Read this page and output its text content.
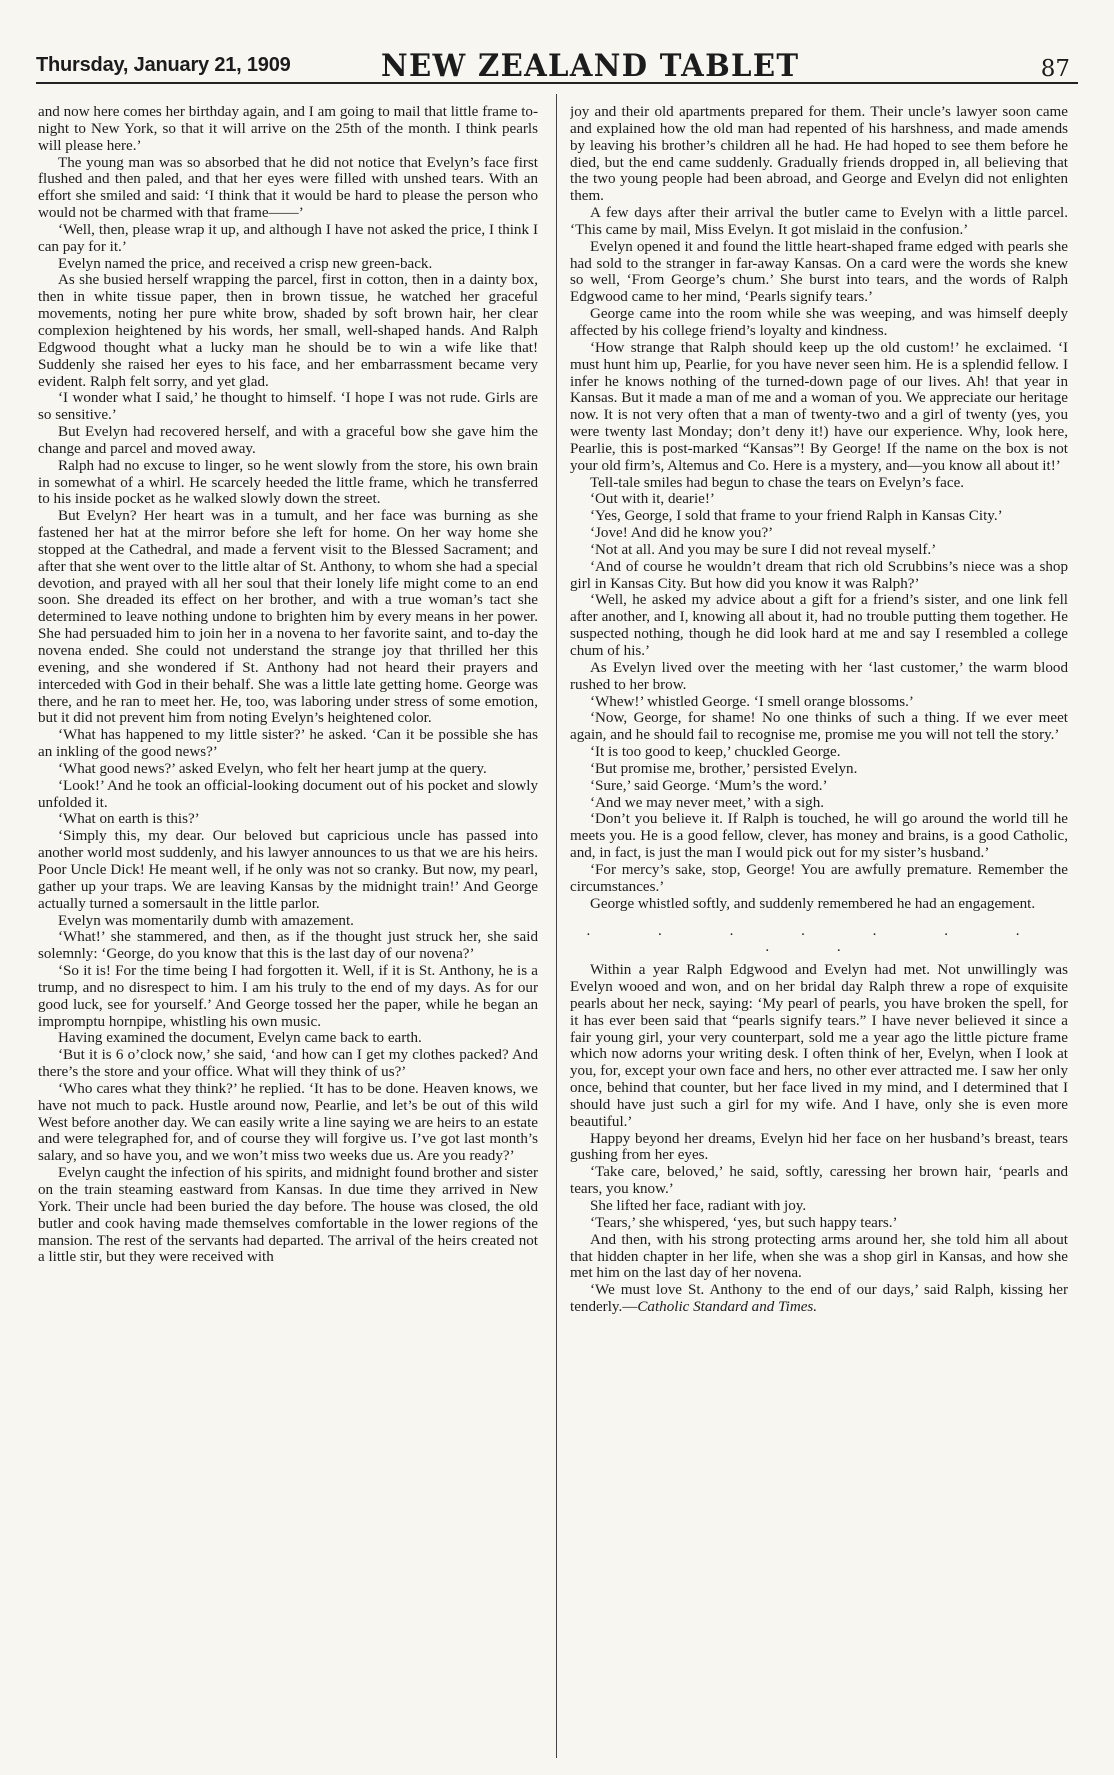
Thursday, January 21, 1909	NEW ZEALAND TABLET	87

and now here comes her birthday again, and I am going to mail that little frame to-night to New York, so that it will arrive on the 25th of the month. I think pearls will please here.’

The young man was so absorbed that he did not notice that Evelyn’s face first flushed and then paled, and that her eyes were filled with unshed tears. With an effort she smiled and said: ‘I think that it would be hard to please the person who would not be charmed with that frame——’

‘Well, then, please wrap it up, and although I have not asked the price, I think I can pay for it.’

Evelyn named the price, and received a crisp new green-back.

As she busied herself wrapping the parcel, first in cotton, then in a dainty box, then in white tissue paper, then in brown tissue, he watched her graceful movements, noting her pure white brow, shaded by soft brown hair, her clear complexion heightened by his words, her small, well-shaped hands. And Ralph Edgwood thought what a lucky man he should be to win a wife like that! Suddenly she raised her eyes to his face, and her embarrassment became very evident. Ralph felt sorry, and yet glad.

‘I wonder what I said,’ he thought to himself. ‘I hope I was not rude. Girls are so sensitive.’

But Evelyn had recovered herself, and with a graceful bow she gave him the change and parcel and moved away.

Ralph had no excuse to linger, so he went slowly from the store, his own brain in somewhat of a whirl. He scarcely heeded the little frame, which he transferred to his inside pocket as he walked slowly down the street.

But Evelyn? Her heart was in a tumult, and her face was burning as she fastened her hat at the mirror before she left for home. On her way home she stopped at the Cathedral, and made a fervent visit to the Blessed Sacrament; and after that she went over to the little altar of St. Anthony, to whom she had a special devotion, and prayed with all her soul that their lonely life might come to an end soon. She dreaded its effect on her brother, and with a true woman’s tact she determined to leave nothing undone to brighten him by every means in her power. She had persuaded him to join her in a novena to her favorite saint, and to-day the novena ended. She could not understand the strange joy that thrilled her this evening, and she wondered if St. Anthony had not heard their prayers and interceded with God in their behalf. She was a little late getting home. George was there, and he ran to meet her. He, too, was laboring under stress of some emotion, but it did not prevent him from noting Evelyn’s heightened color.

‘What has happened to my little sister?’ he asked. ‘Can it be possible she has an inkling of the good news?’

‘What good news?’ asked Evelyn, who felt her heart jump at the query.

‘Look!’ And he took an official-looking document out of his pocket and slowly unfolded it.

‘What on earth is this?’

‘Simply this, my dear. Our beloved but capricious uncle has passed into another world most suddenly, and his lawyer announces to us that we are his heirs. Poor Uncle Dick! He meant well, if he only was not so cranky. But now, my pearl, gather up your traps. We are leaving Kansas by the midnight train!’ And George actually turned a somersault in the little parlor.

Evelyn was momentarily dumb with amazement.

‘What!’ she stammered, and then, as if the thought just struck her, she said solemnly: ‘George, do you know that this is the last day of our novena?’

‘So it is! For the time being I had forgotten it. Well, if it is St. Anthony, he is a trump, and no disrespect to him. I am his truly to the end of my days. As for our good luck, see for yourself.’ And George tossed her the paper, while he began an impromptu hornpipe, whistling his own music.

Having examined the document, Evelyn came back to earth.

‘But it is 6 o’clock now,’ she said, ‘and how can I get my clothes packed? And there’s the store and your office. What will they think of us?’

‘Who cares what they think?’ he replied. ‘It has to be done. Heaven knows, we have not much to pack. Hustle around now, Pearlie, and let’s be out of this wild West before another day. We can easily write a line saying we are heirs to an estate and were telegraphed for, and of course they will forgive us. I’ve got last month’s salary, and so have you, and we won’t miss two weeks due us. Are you ready?’

Evelyn caught the infection of his spirits, and midnight found brother and sister on the train steaming eastward from Kansas. In due time they arrived in New York. Their uncle had been buried the day before. The house was closed, the old butler and cook having made themselves comfortable in the lower regions of the mansion. The rest of the servants had departed. The arrival of the heirs created not a little stir, but they were received with

joy and their old apartments prepared for them. Their uncle’s lawyer soon came and explained how the old man had repented of his harshness, and made amends by leaving his brother’s children all he had. He had hoped to see them before he died, but the end came suddenly. Gradually friends dropped in, all believing that the two young people had been abroad, and George and Evelyn did not enlighten them.

A few days after their arrival the butler came to Evelyn with a little parcel. ‘This came by mail, Miss Evelyn. It got mislaid in the confusion.’

Evelyn opened it and found the little heart-shaped frame edged with pearls she had sold to the stranger in far-away Kansas. On a card were the words she knew so well, ‘From George’s chum.’ She burst into tears, and the words of Ralph Edgwood came to her mind, ‘Pearls signify tears.’

George came into the room while she was weeping, and was himself deeply affected by his college friend’s loyalty and kindness.

‘How strange that Ralph should keep up the old custom!’ he exclaimed. ‘I must hunt him up, Pearlie, for you have never seen him. He is a splendid fellow. I infer he knows nothing of the turned-down page of our lives. Ah! that year in Kansas. But it made a man of me and a woman of you. We appreciate our heritage now. It is not very often that a man of twenty-two and a girl of twenty (yes, you were twenty last Monday; don’t deny it!) have our experience. Why, look here, Pearlie, this is post-marked “Kansas”! By George! If the name on the box is not your old firm’s, Altemus and Co. Here is a mystery, and—you know all about it!’

Tell-tale smiles had begun to chase the tears on Evelyn’s face.

‘Out with it, dearie!’

‘Yes, George, I sold that frame to your friend Ralph in Kansas City.’

‘Jove! And did he know you?’

‘Not at all. And you may be sure I did not reveal myself.’

‘And of course he wouldn’t dream that rich old Scrubbins’s niece was a shop girl in Kansas City. But how did you know it was Ralph?’

‘Well, he asked my advice about a gift for a friend’s sister, and one link fell after another, and I, knowing all about it, had no trouble putting them together. He suspected nothing, though he did look hard at me and say I resembled a college chum of his.’

As Evelyn lived over the meeting with her ‘last customer,’ the warm blood rushed to her brow.

‘Whew!’ whistled George. ‘I smell orange blossoms.’

‘Now, George, for shame! No one thinks of such a thing. If we ever meet again, and he should fail to recognise me, promise me you will not tell the story.’

‘It is too good to keep,’ chuckled George.

‘But promise me, brother,’ persisted Evelyn.

‘Sure,’ said George. ‘Mum’s the word.’

‘And we may never meet,’ with a sigh.

‘Don’t you believe it. If Ralph is touched, he will go around the world till he meets you. He is a good fellow, clever, has money and brains, is a good Catholic, and, in fact, is just the man I would pick out for my sister’s husband.’

‘For mercy’s sake, stop, George! You are awfully premature. Remember the circumstances.’

George whistled softly, and suddenly remembered he had an engagement.

. . . . . . . . .

Within a year Ralph Edgwood and Evelyn had met. Not unwillingly was Evelyn wooed and won, and on her bridal day Ralph threw a rope of exquisite pearls about her neck, saying: ‘My pearl of pearls, you have broken the spell, for it has ever been said that “pearls signify tears.” I have never believed it since a fair young girl, your very counterpart, sold me a year ago the little picture frame which now adorns your writing desk. I often think of her, Evelyn, when I look at you, for, except your own face and hers, no other ever attracted me. I saw her only once, behind that counter, but her face lived in my mind, and I determined that I should have just such a girl for my wife. And I have, only she is even more beautiful.’

Happy beyond her dreams, Evelyn hid her face on her husband’s breast, tears gushing from her eyes.

‘Take care, beloved,’ he said, softly, caressing her brown hair, ‘pearls and tears, you know.’

She lifted her face, radiant with joy.

‘Tears,’ she whispered, ‘yes, but such happy tears.’

And then, with his strong protecting arms around her, she told him all about that hidden chapter in her life, when she was a shop girl in Kansas, and how she met him on the last day of her novena.

‘We must love St. Anthony to the end of our days,’ said Ralph, kissing her tenderly.—Catholic Standard and Times.
